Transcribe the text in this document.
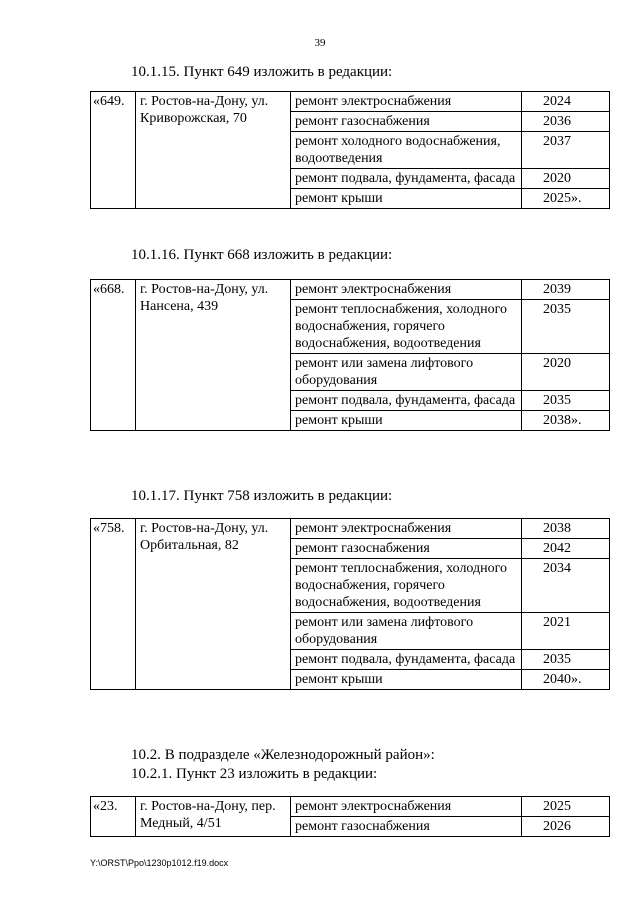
39
10.1.15. Пункт 649 изложить в редакции:
«649.	г. Ростов-на-Дону, ул. Криворожская, 70	ремонт электроснабжения	2024
		ремонт газоснабжения	2036
		ремонт холодного водоснабжения, водоотведения	2037
		ремонт подвала, фундамента, фасада	2020
		ремонт крыши	2025».
10.1.16. Пункт 668 изложить в редакции:
«668.	г. Ростов-на-Дону, ул. Нансена, 439	ремонт электроснабжения	2039
		ремонт теплоснабжения, холодного водоснабжения, горячего водоснабжения, водоотведения	2035
		ремонт или замена лифтового оборудования	2020
		ремонт подвала, фундамента, фасада	2035
		ремонт крыши	2038».
10.1.17. Пункт 758 изложить в редакции:
«758.	г. Ростов-на-Дону, ул. Орбитальная, 82	ремонт электроснабжения	2038
		ремонт газоснабжения	2042
		ремонт теплоснабжения, холодного водоснабжения, горячего водоснабжения, водоотведения	2034
		ремонт или замена лифтового оборудования	2021
		ремонт подвала, фундамента, фасада	2035
		ремонт крыши	2040».
10.2. В подразделе «Железнодорожный район»:
10.2.1. Пункт 23 изложить в редакции:
«23.	г. Ростов-на-Дону, пер. Медный, 4/51	ремонт электроснабжения	2025
		ремонт газоснабжения	2026
Y:\ORST\Ppo\1230p1012.f19.docx
